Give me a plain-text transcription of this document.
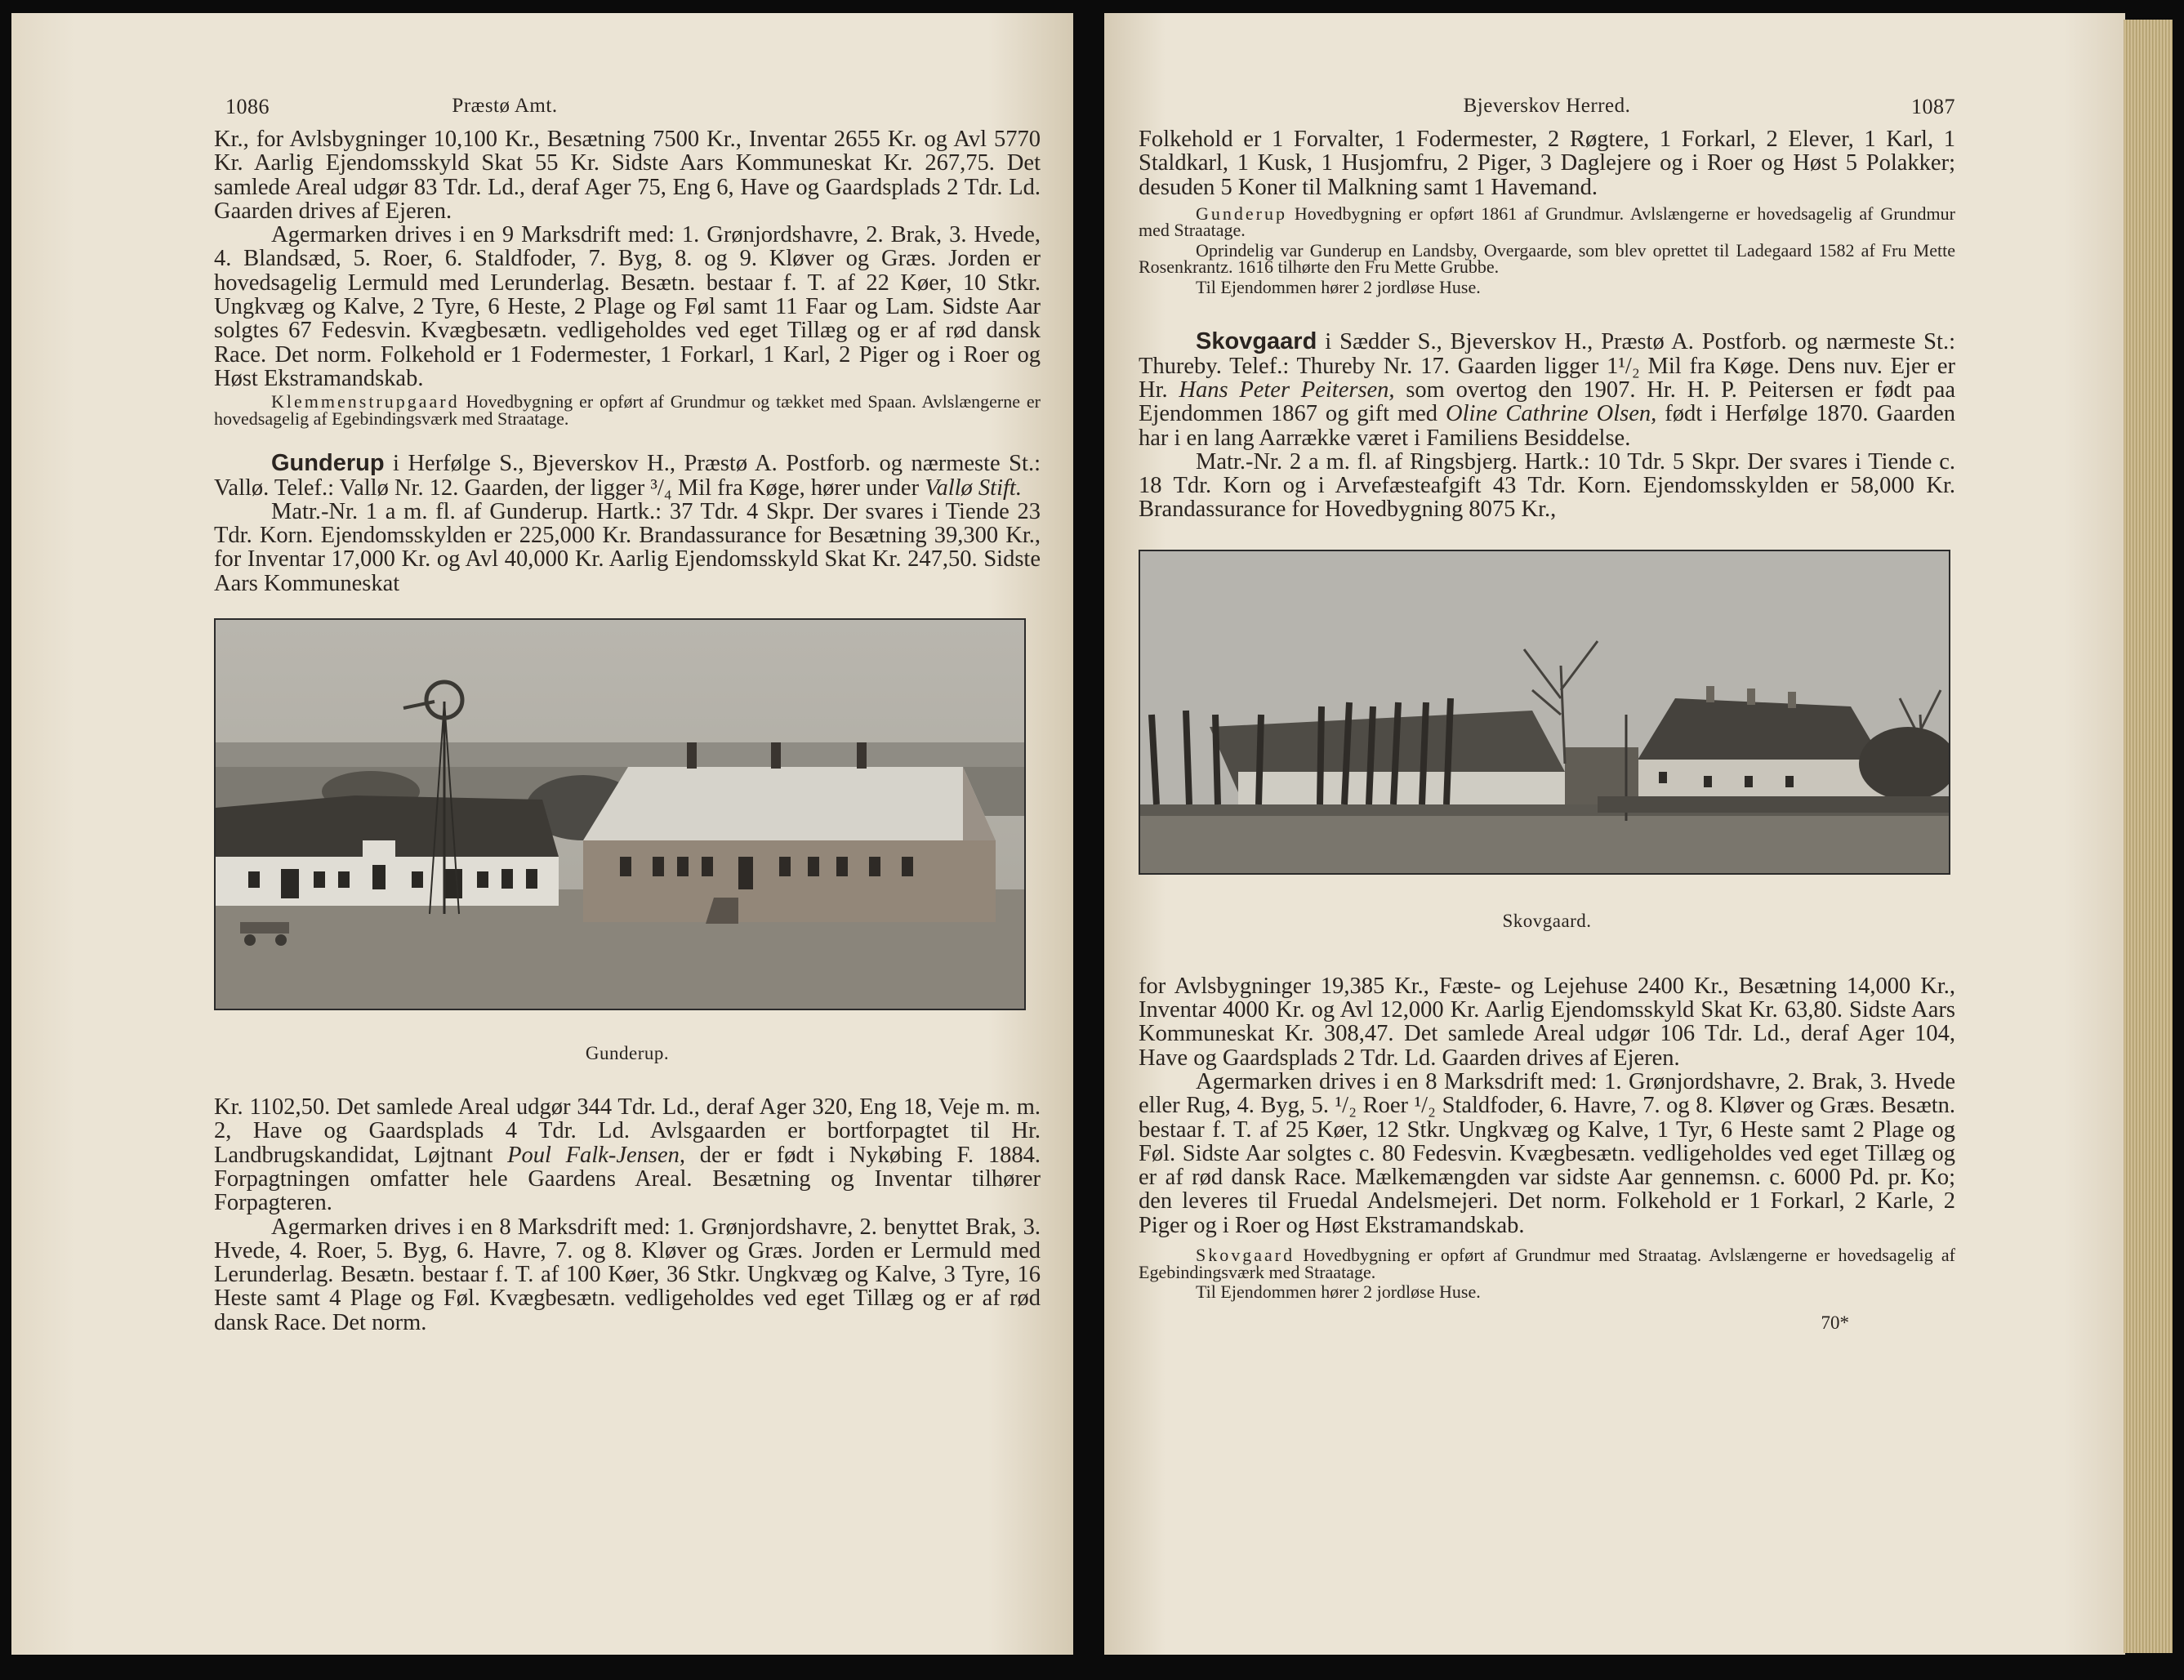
1086	Præstø Amt.

Kr., for Avlsbygninger 10,100 Kr., Besætning 7500 Kr., Inventar 2655 Kr. og Avl 5770 Kr. Aarlig Ejendomsskyld Skat 55 Kr. Sidste Aars Kommuneskat Kr. 267,75. Det samlede Areal udgør 83 Tdr. Ld., deraf Ager 75, Eng 6, Have og Gaardsplads 2 Tdr. Ld. Gaarden drives af Ejeren.

Agermarken drives i en 9 Marksdrift med: 1. Grønjordshavre, 2. Brak, 3. Hvede, 4. Blandsæd, 5. Roer, 6. Staldfoder, 7. Byg, 8. og 9. Kløver og Græs. Jorden er hovedsagelig Lermuld med Lerunderlag. Besætn. bestaar f. T. af 22 Køer, 10 Stkr. Ungkvæg og Kalve, 2 Tyre, 6 Heste, 2 Plage og Føl samt 11 Faar og Lam. Sidste Aar solgtes 67 Fedesvin. Kvægbesætn. vedligeholdes ved eget Tillæg og er af rød dansk Race. Det norm. Folkehold er 1 Fodermester, 1 Forkarl, 1 Karl, 2 Piger og i Roer og Høst Ekstramandskab.

Klemmenstrupgaard Hovedbygning er opført af Grundmur og tækket med Spaan. Avlslængerne er hovedsagelig af Egebindingsværk med Straatage.

Gunderup i Herfølge S., Bjeverskov H., Præstø A. Postforb. og nærmeste St.: Vallø. Telef.: Vallø Nr. 12. Gaarden, der ligger ³/₄ Mil fra Køge, hører under Vallø Stift.

Matr.-Nr. 1 a m. fl. af Gunderup. Hartk.: 37 Tdr. 4 Skpr. Der svares i Tiende 23 Tdr. Korn. Ejendomsskylden er 225,000 Kr. Brandassurance for Besætning 39,300 Kr., for Inventar 17,000 Kr. og Avl 40,000 Kr. Aarlig Ejendomsskyld Skat Kr. 247,50. Sidste Aars Kommuneskat

Gunderup.

Kr. 1102,50. Det samlede Areal udgør 344 Tdr. Ld., deraf Ager 320, Eng 18, Veje m. m. 2, Have og Gaardsplads 4 Tdr. Ld. Avlsgaarden er bortforpagtet til Hr. Landbrugskandidat, Løjtnant Poul Falk-Jensen, der er født i Nykøbing F. 1884. Forpagtningen omfatter hele Gaardens Areal. Besætning og Inventar tilhører Forpagteren.

Agermarken drives i en 8 Marksdrift med: 1. Grønjordshavre, 2. benyttet Brak, 3. Hvede, 4. Roer, 5. Byg, 6. Havre, 7. og 8. Kløver og Græs. Jorden er Lermuld med Lerunderlag. Besætn. bestaar f. T. af 100 Køer, 36 Stkr. Ungkvæg og Kalve, 3 Tyre, 16 Heste samt 4 Plage og Føl. Kvægbesætn. vedligeholdes ved eget Tillæg og er af rød dansk Race. Det norm.

Bjeverskov Herred.	1087

Folkehold er 1 Forvalter, 1 Fodermester, 2 Røgtere, 1 Forkarl, 2 Elever, 1 Karl, 1 Staldkarl, 1 Kusk, 1 Husjomfru, 2 Piger, 3 Daglejere og i Roer og Høst 5 Polakker; desuden 5 Koner til Malkning samt 1 Havemand.

Gunderup Hovedbygning er opført 1861 af Grundmur. Avlslængerne er hovedsagelig af Grundmur med Straatage.

Oprindelig var Gunderup en Landsby, Overgaarde, som blev oprettet til Ladegaard 1582 af Fru Mette Rosenkrantz. 1616 tilhørte den Fru Mette Grubbe.

Til Ejendommen hører 2 jordløse Huse.

Skovgaard i Sædder S., Bjeverskov H., Præstø A. Postforb. og nærmeste St.: Thureby. Telef.: Thureby Nr. 17. Gaarden ligger 1¹/₂ Mil fra Køge. Dens nuv. Ejer er Hr. Hans Peter Peitersen, som overtog den 1907. Hr. H. P. Peitersen er født paa Ejendommen 1867 og gift med Oline Cathrine Olsen, født i Herfølge 1870. Gaarden har i en lang Aarrække været i Familiens Besiddelse.

Matr.-Nr. 2 a m. fl. af Ringsbjerg. Hartk.: 10 Tdr. 5 Skpr. Der svares i Tiende c. 18 Tdr. Korn og i Arvefæsteafgift 43 Tdr. Korn. Ejendomsskylden er 58,000 Kr. Brandassurance for Hovedbygning 8075 Kr.,

Skovgaard.

for Avlsbygninger 19,385 Kr., Fæste- og Lejehuse 2400 Kr., Besætning 14,000 Kr., Inventar 4000 Kr. og Avl 12,000 Kr. Aarlig Ejendomsskyld Skat Kr. 63,80. Sidste Aars Kommuneskat Kr. 308,47. Det samlede Areal udgør 106 Tdr. Ld., deraf Ager 104, Have og Gaardsplads 2 Tdr. Ld. Gaarden drives af Ejeren.

Agermarken drives i en 8 Marksdrift med: 1. Grønjordshavre, 2. Brak, 3. Hvede eller Rug, 4. Byg, 5. ¹/₂ Roer ¹/₂ Staldfoder, 6. Havre, 7. og 8. Kløver og Græs. Besætn. bestaar f. T. af 25 Køer, 12 Stkr. Ungkvæg og Kalve, 1 Tyr, 6 Heste samt 2 Plage og Føl. Sidste Aar solgtes c. 80 Fedesvin. Kvægbesætn. vedligeholdes ved eget Tillæg og er af rød dansk Race. Mælkemængden var sidste Aar gennemsn. c. 6000 Pd. pr. Ko; den leveres til Fruedal Andelsmejeri. Det norm. Folkehold er 1 Forkarl, 2 Karle, 2 Piger og i Roer og Høst Ekstramandskab.

Skovgaard Hovedbygning er opført af Grundmur med Straatag. Avlslængerne er hovedsagelig af Egebindingsværk med Straatage.

Til Ejendommen hører 2 jordløse Huse.

70*
